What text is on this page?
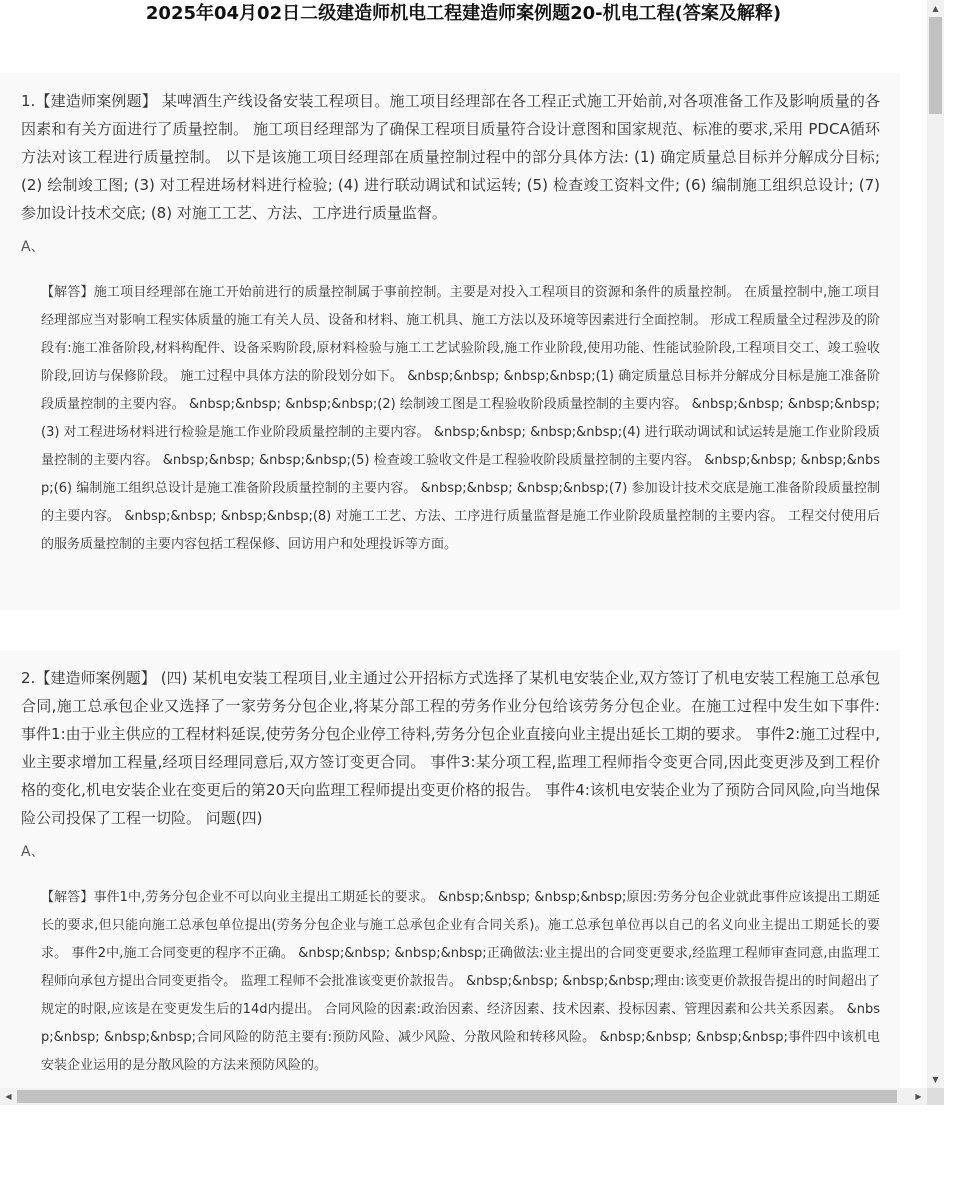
2025年04月02日二级建造师机电工程建造师案例题20-机电工程(答案及解释)

1.【建造师案例题】 某啤酒生产线设备安装工程项目。施工项目经理部在各工程正式施工开始前,对各项准备工作及影响质量的各因素和有关方面进行了质量控制。 施工项目经理部为了确保工程项目质量符合设计意图和国家规范、标准的要求,采用 PDCA循环方法对该工程进行质量控制。 以下是该施工项目经理部在质量控制过程中的部分具体方法: (1) 确定质量总目标并分解成分目标; (2) 绘制竣工图; (3) 对工程进场材料进行检验; (4) 进行联动调试和试运转; (5) 检查竣工资料文件; (6) 编制施工组织总设计; (7) 参加设计技术交底; (8) 对施工工艺、方法、工序进行质量监督。

A、

【解答】施工项目经理部在施工开始前进行的质量控制属于事前控制。主要是对投入工程项目的资源和条件的质量控制。 在质量控制中,施工项目经理部应当对影响工程实体质量的施工有关人员、设备和材料、施工机具、施工方法以及环境等因素进行全面控制。 形成工程质量全过程涉及的阶段有:施工准备阶段,材料构配件、设备采购阶段,原材料检验与施工工艺试验阶段,施工作业阶段,使用功能、性能试验阶段,工程项目交工、竣工验收阶段,回访与保修阶段。 施工过程中具体方法的阶段划分如下。 &nbsp;&nbsp; &nbsp;&nbsp;(1) 确定质量总目标并分解成分目标是施工准备阶段质量控制的主要内容。 &nbsp;&nbsp; &nbsp;&nbsp;(2) 绘制竣工图是工程验收阶段质量控制的主要内容。 &nbsp;&nbsp; &nbsp;&nbsp;(3) 对工程进场材料进行检验是施工作业阶段质量控制的主要内容。 &nbsp;&nbsp; &nbsp;&nbsp;(4) 进行联动调试和试运转是施工作业阶段质量控制的主要内容。 &nbsp;&nbsp; &nbsp;&nbsp;(5) 检查竣工验收文件是工程验收阶段质量控制的主要内容。 &nbsp;&nbsp; &nbsp;&nbsp;(6) 编制施工组织总设计是施工准备阶段质量控制的主要内容。 &nbsp;&nbsp; &nbsp;&nbsp;(7) 参加设计技术交底是施工准备阶段质量控制的主要内容。 &nbsp;&nbsp; &nbsp;&nbsp;(8) 对施工工艺、方法、工序进行质量监督是施工作业阶段质量控制的主要内容。 工程交付使用后的服务质量控制的主要内容包括工程保修、回访用户和处理投诉等方面。

2.【建造师案例题】 (四) 某机电安装工程项目,业主通过公开招标方式选择了某机电安装企业,双方签订了机电安装工程施工总承包合同,施工总承包企业又选择了一家劳务分包企业,将某分部工程的劳务作业分包给该劳务分包企业。在施工过程中发生如下事件: 事件1:由于业主供应的工程材料延误,使劳务分包企业停工待料,劳务分包企业直接向业主提出延长工期的要求。 事件2:施工过程中,业主要求增加工程量,经项目经理同意后,双方签订变更合同。 事件3:某分项工程,监理工程师指令变更合同,因此变更涉及到工程价格的变化,机电安装企业在变更后的第20天向监理工程师提出变更价格的报告。 事件4:该机电安装企业为了预防合同风险,向当地保险公司投保了工程一切险。 问题(四)

A、

【解答】事件1中,劳务分包企业不可以向业主提出工期延长的要求。 &nbsp;&nbsp; &nbsp;&nbsp;原因:劳务分包企业就此事件应该提出工期延长的要求,但只能向施工总承包单位提出(劳务分包企业与施工总承包企业有合同关系)。施工总承包单位再以自己的名义向业主提出工期延长的要求。 事件2中,施工合同变更的程序不正确。 &nbsp;&nbsp; &nbsp;&nbsp;正确做法:业主提出的合同变更要求,经监理工程师审查同意,由监理工程师向承包方提出合同变更指令。 监理工程师不会批准该变更价款报告。 &nbsp;&nbsp; &nbsp;&nbsp;理由:该变更价款报告提出的时间超出了规定的时限,应该是在变更发生后的14d内提出。 合同风险的因素:政治因素、经济因素、技术因素、投标因素、管理因素和公共关系因素。 &nbsp;&nbsp; &nbsp;&nbsp;合同风险的防范主要有:预防风险、减少风险、分散风险和转移风险。 &nbsp;&nbsp; &nbsp;&nbsp;事件四中该机电安装企业运用的是分散风险的方法来预防风险的。

▲
▼
◀	▶
